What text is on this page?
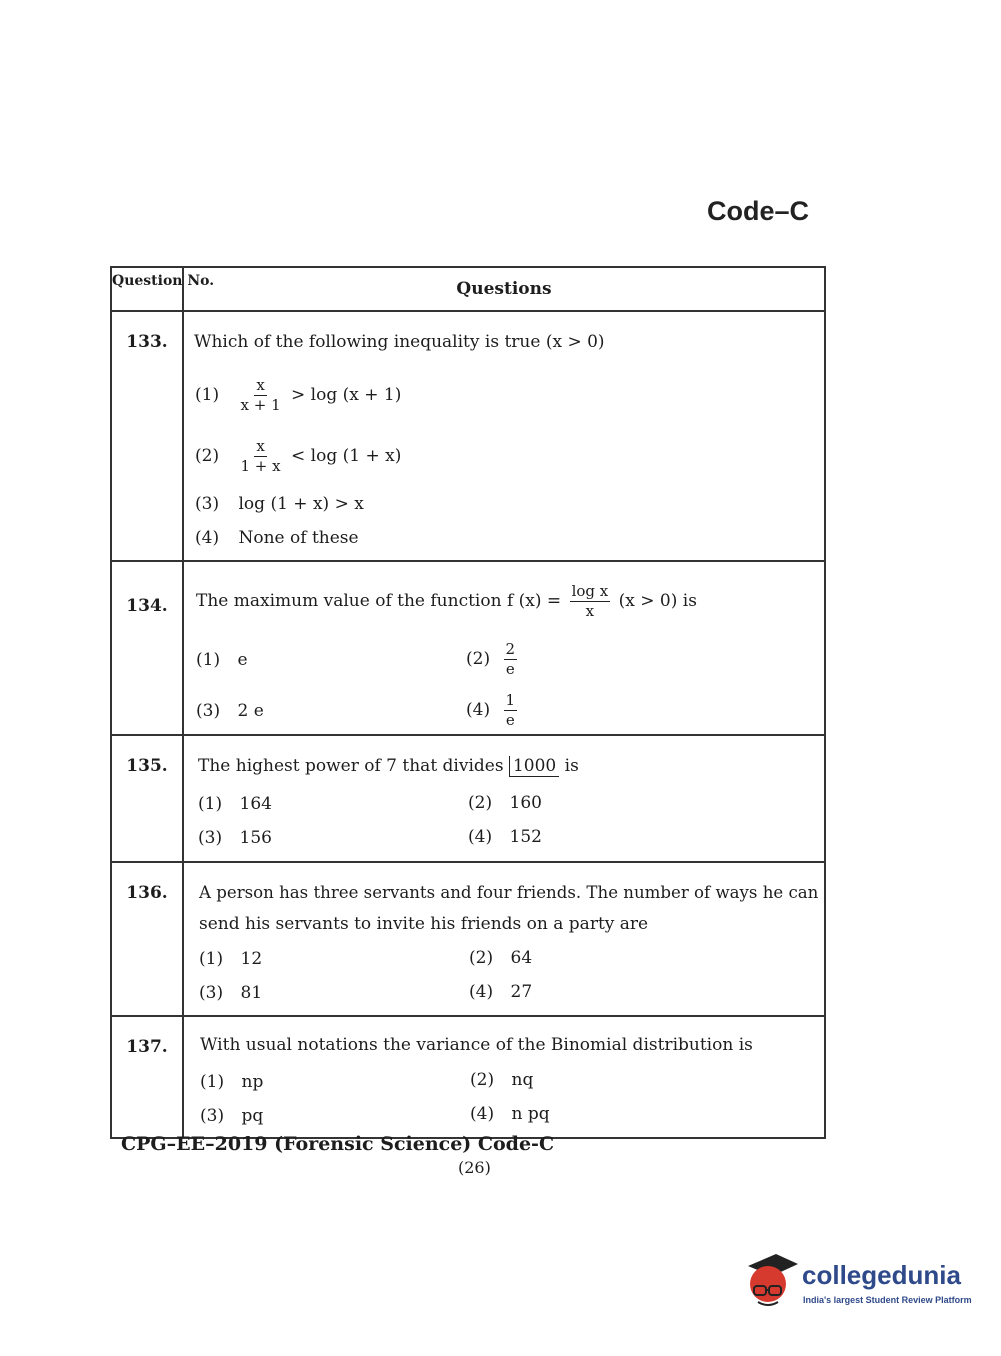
Code–C
Question No.	Questions
133.	Which of the following inequality is true (x > 0)
$(1) \frac{x}{x + 1} > \log (x + 1)$
$(2) \frac{x}{1 + x} < \log (1 + x)$
(3) log (1 + x) > x
(4) None of these
134.	The maximum value of the function f $(x) = \frac{\text{log x}}{x} (x > 0)$ is
(1) e	$(2) \frac{2}{e}$
(3) 2 e	$(4) \frac{1}{e}$
135.	The highest power of 7 that divides 1000 is
(1) 164	(2) 160
(3) 156	(4) 152
136.	A person has three servants and four friends. The number of ways he can
send his servants to invite his friends on a party are
(1) 12	(2) 64
(3) 81	(4) 27
137.	With usual notations the variance of the Binomial distribution is
(1) np	(2) nq
(3) pq	(4) n pq
CPG–EE–2019 (Forensic Science) Code-C
(26)
collegedunia
India's largest Student Review Platform
